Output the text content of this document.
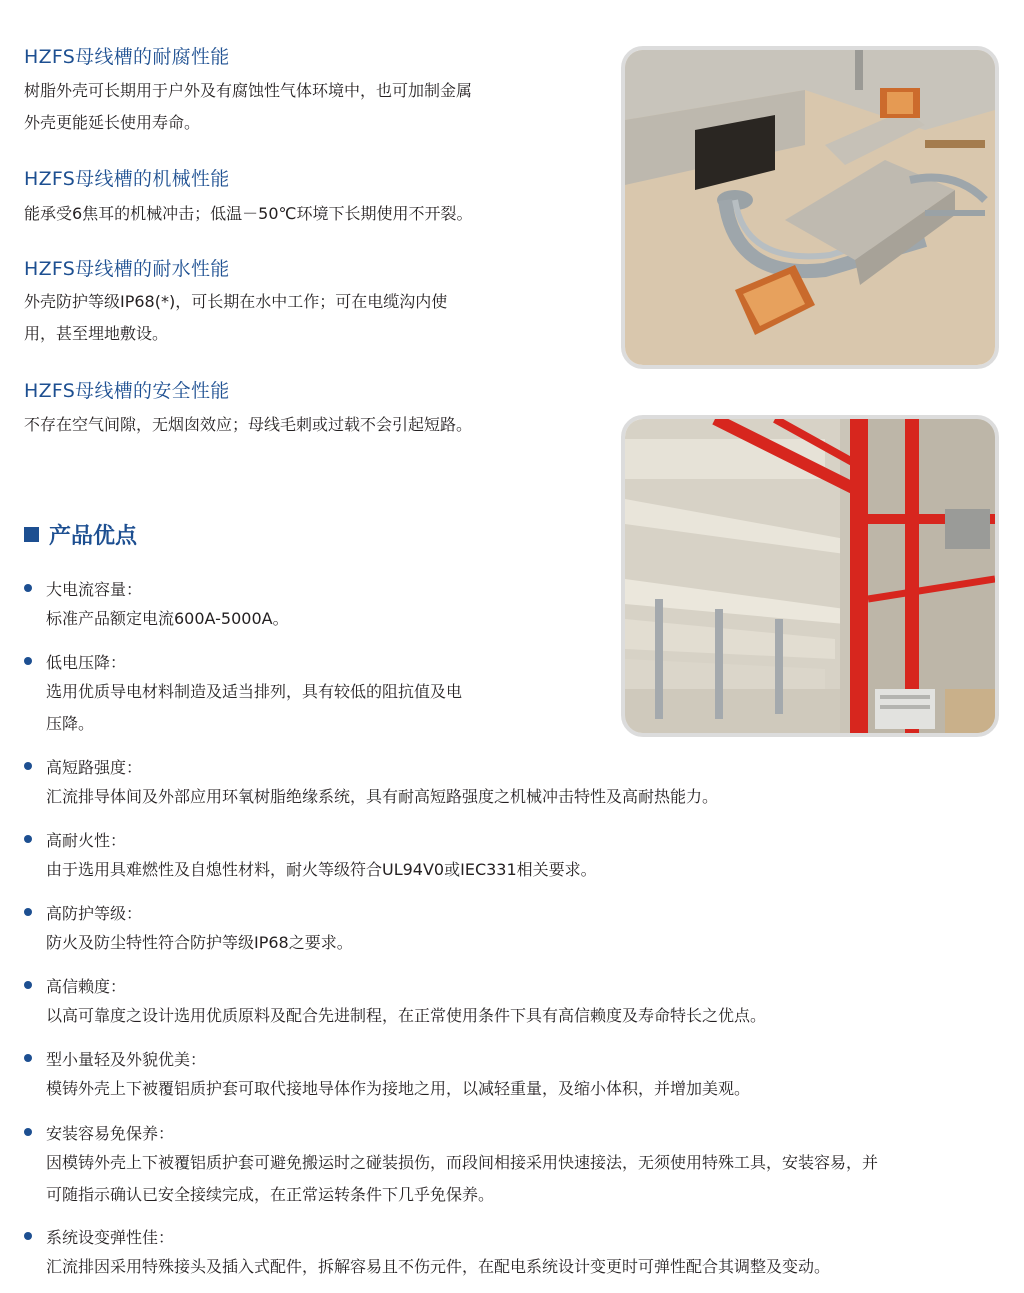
HZFS母线槽的耐腐性能
树脂外壳可长期用于户外及有腐蚀性气体环境中，也可加制金属
外壳更能延长使用寿命。
HZFS母线槽的机械性能
能承受6焦耳的机械冲击；低温－50℃环境下长期使用不开裂。
HZFS母线槽的耐水性能
外壳防护等级IP68(*)，可长期在水中工作；可在电缆沟内使
用，甚至埋地敷设。
HZFS母线槽的安全性能
不存在空气间隙，无烟囱效应；母线毛刺或过载不会引起短路。
产品优点
大电流容量：
标准产品额定电流600A-5000A。
低电压降：
选用优质导电材料制造及适当排列，具有较低的阻抗值及电
压降。
高短路强度：
汇流排导体间及外部应用环氧树脂绝缘系统，具有耐高短路强度之机械冲击特性及高耐热能力。
高耐火性：
由于选用具难燃性及自熄性材料，耐火等级符合UL94V0或IEC331相关要求。
高防护等级：
防火及防尘特性符合防护等级IP68之要求。
高信赖度：
以高可靠度之设计选用优质原料及配合先进制程，在正常使用条件下具有高信赖度及寿命特长之优点。
型小量轻及外貌优美：
模铸外壳上下被覆铝质护套可取代接地导体作为接地之用，以减轻重量，及缩小体积，并增加美观。
安装容易免保养：
因模铸外壳上下被覆铝质护套可避免搬运时之碰装损伤，而段间相接采用快速接法，无须使用特殊工具，安装容易，并
可随指示确认已安全接续完成，在正常运转条件下几乎免保养。
系统设变弹性佳：
汇流排因采用特殊接头及插入式配件，拆解容易且不伤元件，在配电系统设计变更时可弹性配合其调整及变动。
